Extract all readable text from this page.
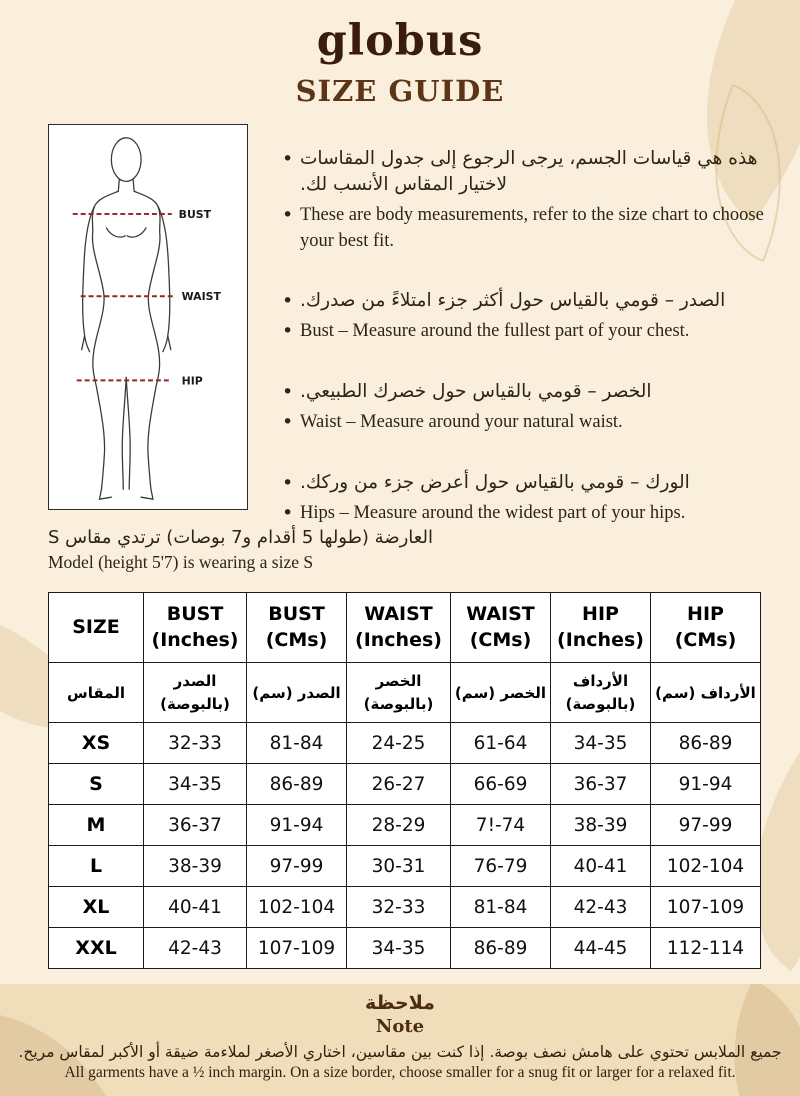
globus
SIZE GUIDE
BUST
WAIST
HIP
• هذه هي قياسات الجسم، يرجى الرجوع إلى جدول المقاسات لاختيار المقاس الأنسب لك.
• These are body measurements, refer to the size chart to choose your best fit.
• الصدر – قومي بالقياس حول أكثر جزء امتلاءً من صدرك.
• Bust – Measure around the fullest part of your chest.
• الخصر – قومي بالقياس حول خصرك الطبيعي.
• Waist – Measure around your natural waist.
• الورك – قومي بالقياس حول أعرض جزء من وركك.
• Hips – Measure around the widest part of your hips.
العارضة (طولها 5 أقدام و7 بوصات) ترتدي مقاس S
Model (height 5'7) is wearing a size S
SIZE	BUST
(Inches)	BUST
(CMs)	WAIST
(Inches)	WAIST
(CMs)	HIP
(Inches)	HIP
(CMs)
المقاس	الصدر
(بالبوصة)	الصدر (سم)	الخصر
(بالبوصة)	الخصر (سم)	الأرداف
(بالبوصة)	الأرداف (سم)
XS	32-33	81-84	24-25	61-64	34-35	86-89
S	34-35	86-89	26-27	66-69	36-37	91-94
M	36-37	91-94	28-29	7!-74	38-39	97-99
L	38-39	97-99	30-31	76-79	40-41	102-104
XL	40-41	102-104	32-33	81-84	42-43	107-109
XXL	42-43	107-109	34-35	86-89	44-45	112-114
ملاحظة
Note
جميع الملابس تحتوي على هامش نصف بوصة. إذا كنت بين مقاسين، اختاري الأصغر لملاءمة ضيقة أو الأكبر لمقاس مريح.
All garments have a ½ inch margin. On a size border, choose smaller for a snug fit or larger for a relaxed fit.
